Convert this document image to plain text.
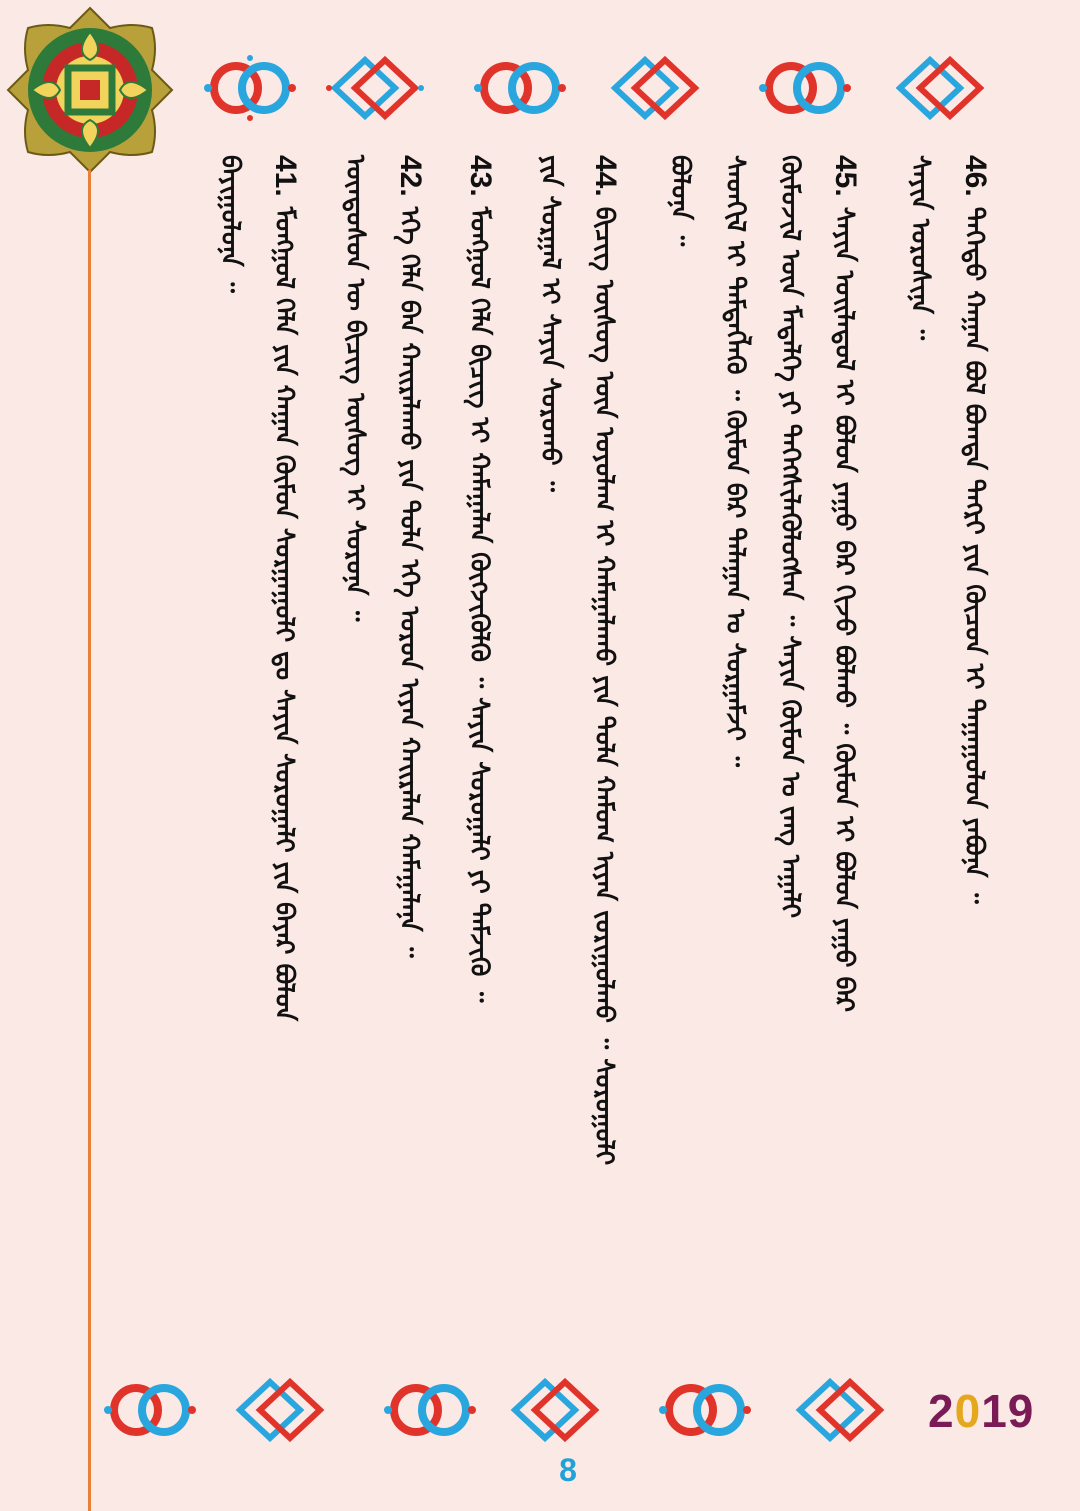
46.ᠳᠡᠭᠡᠳᠦ ᠬᠠᠭᠠᠨ ᠪᠣᠯ ᠪᠣᠭᠳᠠ ᠲᠡᠭᠷᠢ ᠶᠢᠨ ᠬᠦᠴᠦᠨ ᠢ ᠳᠠᠭᠠᠭᠤᠯᠤᠨ ᠶᠠᠪᠤᠨᠠ ᠃
ᠰᠠᠶᠢᠨ ᠣᠷᠣᠰᠢᠨᠠ ᠃
45.ᠰᠠᠶᠢᠨ ᠤᠢᠯᠡᠳᠦᠯ ᠢ ᠪᠣᠯᠤᠨ ᠶᠠᠭᠤ ᠪᠠᠷ ᠬᠢᠵᠦ ᠪᠣᠯᠬᠤ ᠃ ᠬᠦᠮᠦᠨ ᠢ ᠪᠣᠯᠤᠨ ᠶᠠᠭᠤ ᠪᠠᠷ
ᠬᠦᠮᠦᠵᠢᠯ ᠦᠨ ᠮᠡᠳᠡᠯᠭᠡ ᠶᠢ ᠳᠡᠭᠡᠭᠰᠢᠯᠡᠭᠦᠯᠦᠭᠰᠡᠨ ᠃ ᠰᠠᠶᠢᠨ ᠬᠦᠮᠦᠨ ᠤ ᠵᠠᠩ ᠠᠭᠠᠯᠢ
ᠰᠡᠳᠭᠢᠯ ᠢ ᠲᠡᠮᠳᠡᠭᠯᠡᠬᠦ ᠃ ᠬᠦᠮᠦᠨ ᠪᠠᠷ ᠲᠠᠯᠠᠭᠠᠨ ᠤ ᠰᠤᠷᠭᠠᠮᠵᠢ ᠃
ᠪᠣᠯᠤᠨᠠ ᠃
44.ᠪᠢᠴᠢᠭ ᠦᠰᠦᠭ ᠦᠨ ᠤᠶᠤᠯᠠᠭ ᠢ ᠬᠠᠮᠠᠭᠠᠯᠠᠬᠤ ᠶᠢᠨ ᠲᠤᠯᠠ ᠬᠠᠮᠤᠭ ᠢᠶᠡᠨ ᠵᠣᠷᠢᠭᠤᠯᠬᠤ ᠃ ᠰᠤᠷᠤᠭᠤᠯᠢ
ᠶᠢᠨ ᠰᠤᠷᠭᠠᠯ ᠢ ᠰᠠᠶᠢᠨ ᠰᠤᠷᠤᠬᠤ ᠃
43.ᠮᠣᠩᠭᠣᠯ ᠬᠡᠯᠡ ᠪᠢᠴᠢᠭ ᠢ ᠬᠠᠮᠠᠭᠠᠯᠠᠨ ᠬᠥᠭᠵᠢᠭᠦᠯᠬᠦ ᠃ ᠰᠠᠶᠢᠨ ᠰᠤᠷᠤᠭᠠᠯᠢ ᠶᠢ ᠳᠡᠮᠵᠢᠬᠦ ᠃
42.ᠡᠬᠡ ᠬᠡᠯᠡ ᠪᠡᠨ ᠬᠠᠢᠷᠠᠯᠠᠬᠤ ᠶᠢᠨ ᠲᠤᠯᠠ ᠡᠬᠡ ᠣᠷᠣᠨ ᠢᠶᠡᠨ ᠬᠠᠢᠷᠠᠯᠠᠨ ᠬᠠᠮᠠᠭᠠᠯᠠᠨᠠ ᠃
ᠦᠨᠳᠦᠰᠦᠨ ᠦ ᠪᠢᠴᠢᠭ ᠦᠰᠦᠭ ᠢ ᠰᠤᠷᠤᠨᠠ ᠃
41.ᠮᠣᠩᠭᠣᠯ ᠬᠡᠯᠡ ᠶᠢᠨ ᠬᠠᠭᠠᠨ ᠬᠦᠮᠦᠨ ᠰᠤᠷᠭᠠᠭᠤᠯᠢ ᠳᠤ ᠰᠠᠶᠢᠨ ᠰᠤᠷᠤᠭᠠᠯᠢ ᠶᠢᠨ ᠪᠠᠶᠠᠷ ᠪᠣᠯᠤᠨ
ᠪᠠᠶᠢᠭᠤᠯᠤᠨᠠ ᠃
2019
8
